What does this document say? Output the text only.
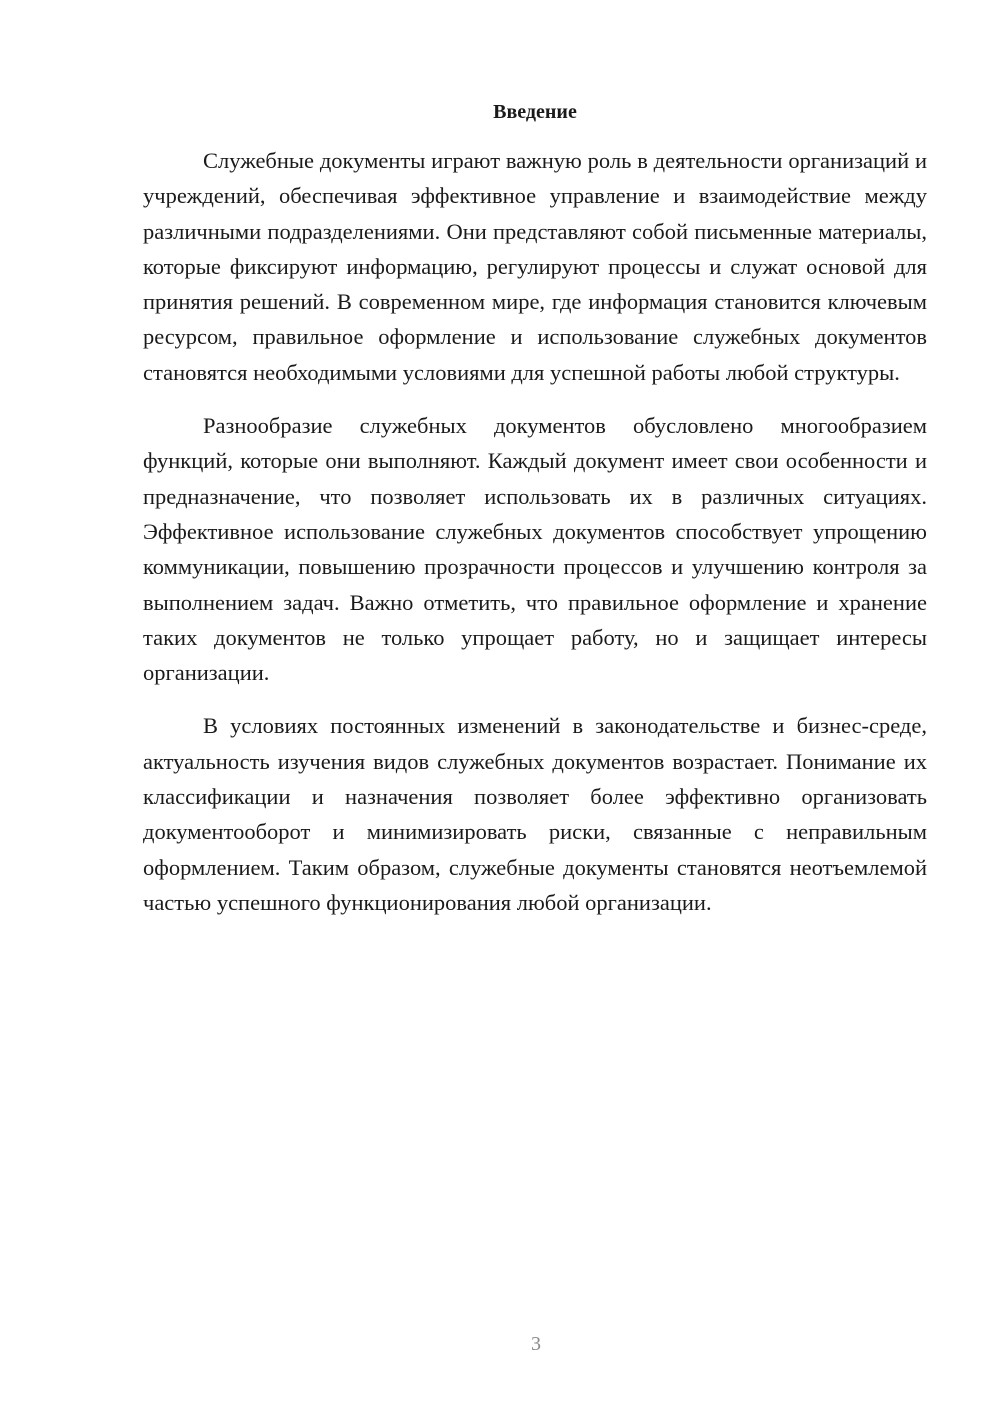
Введение

Служебные документы играют важную роль в деятельности организаций и учреждений, обеспечивая эффективное управление и взаимодействие между различными подразделениями. Они представляют собой письменные материалы, которые фиксируют информацию, регулируют процессы и служат основой для принятия решений. В современном мире, где информация становится ключевым ресурсом, правильное оформление и использование служебных документов становятся необходимыми условиями для успешной работы любой структуры.

Разнообразие служебных документов обусловлено многообразием функций, которые они выполняют. Каждый документ имеет свои особенности и предназначение, что позволяет использовать их в различных ситуациях. Эффективное использование служебных документов способствует упрощению коммуникации, повышению прозрачности процессов и улучшению контроля за выполнением задач. Важно отметить, что правильное оформление и хранение таких документов не только упрощает работу, но и защищает интересы организации.

В условиях постоянных изменений в законодательстве и бизнес-среде, актуальность изучения видов служебных документов возрастает. Понимание их классификации и назначения позволяет более эффективно организовать документооборот и минимизировать риски, связанные с неправильным оформлением. Таким образом, служебные документы становятся неотъемлемой частью успешного функционирования любой организации.

3
